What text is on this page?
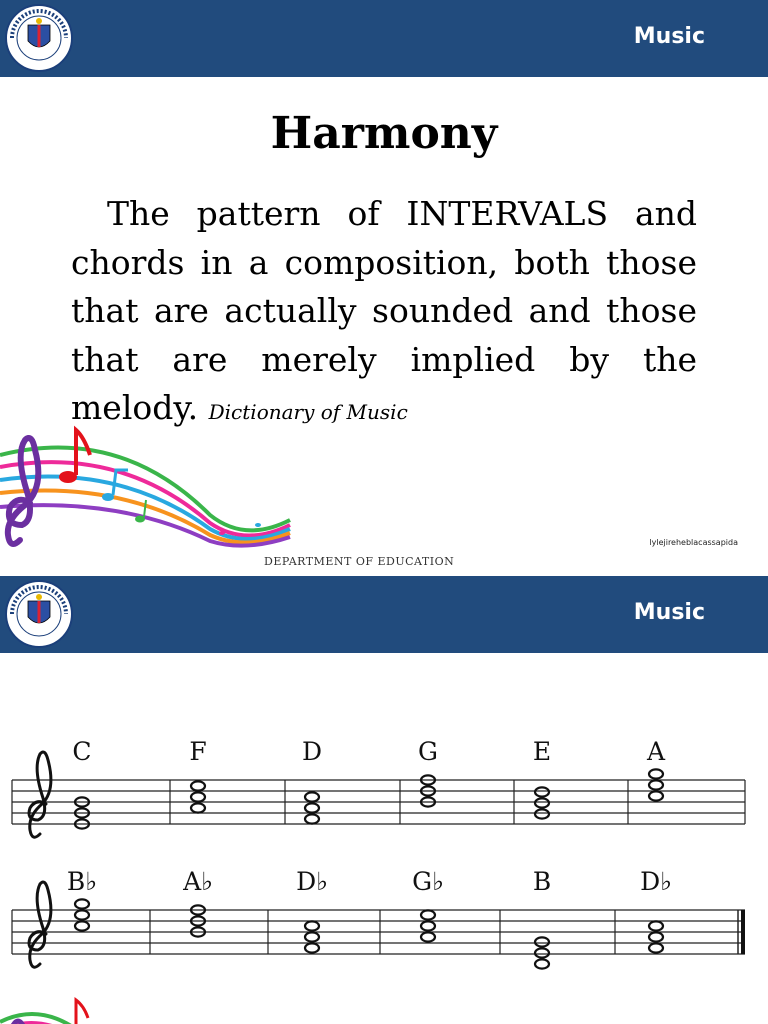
Music
Harmony
The pattern of INTERVALS and chords in a composition, both those that are actually sounded and those that are merely implied by the melody. Dictionary of Music
lylejireheblacassapida
DEPARTMENT OF EDUCATION
Music
C	F	D	G	E	A
B♭	A♭	D♭	G♭	B	D♭
